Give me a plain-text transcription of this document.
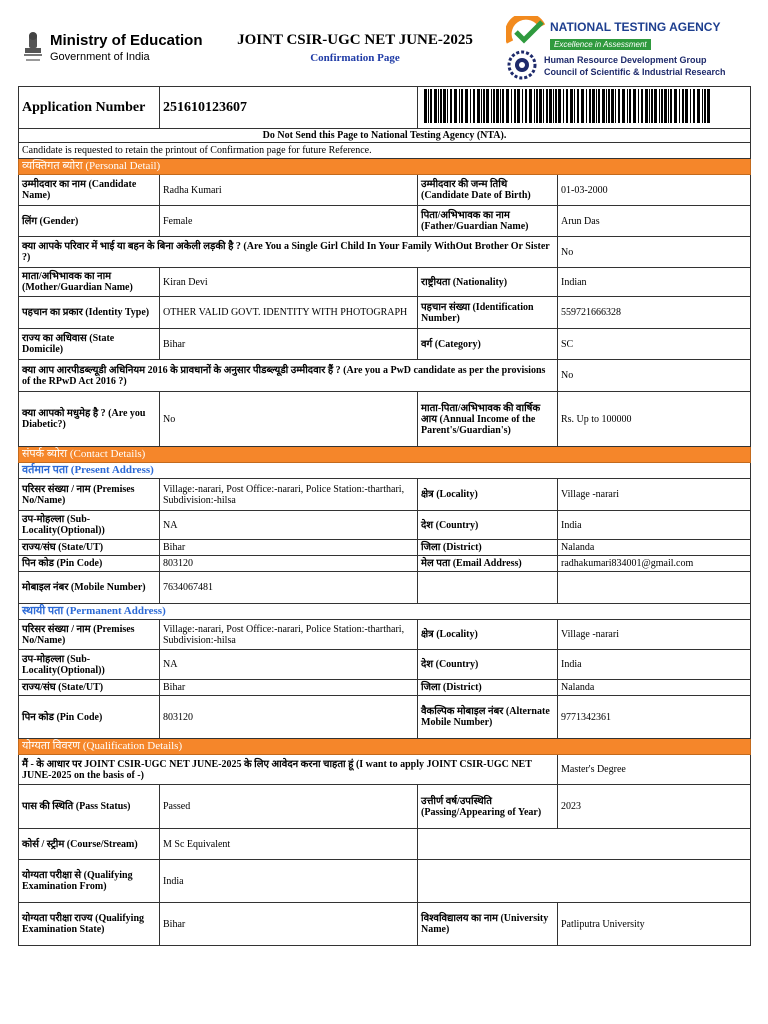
Ministry of Education
Government of India
JOINT CSIR-UGC NET JUNE-2025
Confirmation Page
NATIONAL TESTING AGENCY
Excellence in Assessment
Human Resource Development Group
Council of Scientific & Industrial Research
Application Number	251610123607	
Do Not Send this Page to National Testing Agency (NTA).			
Candidate is requested to retain the printout of Confirmation page for future Reference.			
व्यक्तिगत ब्योरा (Personal Detail)			
उम्मीदवार का नाम (Candidate Name)	Radha Kumari	उम्मीदवार की जन्म तिथि (Candidate Date of Birth)	01-03-2000
लिंग (Gender)	Female	पिता/अभिभावक का नाम (Father/Guardian Name)	Arun Das
क्या आपके परिवार में भाई या बहन के बिना अकेली लड़की है ? (Are You a Single Girl Child In Your Family WithOut Brother Or Sister ?)			No
माता/अभिभावक का नाम (Mother/Guardian Name)	Kiran Devi	राष्ट्रीयता (Nationality)	Indian
पहचान का प्रकार (Identity Type)	OTHER VALID GOVT. IDENTITY WITH PHOTOGRAPH	पहचान संख्या (Identification Number)	559721666328
राज्य का अधिवास (State Domicile)	Bihar	वर्ग (Category)	SC
क्या आप आरपीडब्ल्यूडी अधिनियम 2016 के प्रावधानों के अनुसार पीडब्ल्यूडी उम्मीदवार हैं ? (Are you a PwD candidate as per the provisions of the RPwD Act 2016 ?)			No
क्या आपको मधुमेह है ? (Are you Diabetic?)	No	माता-पिता/अभिभावक की वार्षिक आय (Annual Income of the Parent's/Guardian's)	Rs. Up to 100000
संपर्क ब्योरा (Contact Details)			
वर्तमान पता (Present Address)			
परिसर संख्या / नाम (Premises No/Name)	Village:-narari, Post Office:-narari, Police Station:-tharthari, Subdivision:-hilsa	क्षेत्र (Locality)	Village -narari
उप-मोहल्ला (Sub-Locality(Optional))	NA	देश (Country)	India
राज्य/संघ (State/UT)	Bihar	जिला (District)	Nalanda
पिन कोड (Pin Code)	803120	मेल पता (Email Address)	radhakumari834001@gmail.com
मोबाइल नंबर (Mobile Number)	7634067481		
स्थायी पता (Permanent Address)			
परिसर संख्या / नाम (Premises No/Name)	Village:-narari, Post Office:-narari, Police Station:-tharthari, Subdivision:-hilsa	क्षेत्र (Locality)	Village -narari
उप-मोहल्ला (Sub-Locality(Optional))	NA	देश (Country)	India
राज्य/संघ (State/UT)	Bihar	जिला (District)	Nalanda
पिन कोड (Pin Code)	803120	वैकल्पिक मोबाइल नंबर (Alternate Mobile Number)	9771342361
योग्यता विवरण (Qualification Details)			
मैं - के आधार पर JOINT CSIR-UGC NET JUNE-2025 के लिए आवेदन करना चाहता हूं (I want to apply JOINT CSIR-UGC NET JUNE-2025 on the basis of -)			Master's Degree
पास की स्थिति (Pass Status)	Passed	उत्तीर्ण वर्ष/उपस्थिति (Passing/Appearing of Year)	2023
कोर्स / स्ट्रीम (Course/Stream)	M Sc Equivalent		
योग्यता परीक्षा से (Qualifying Examination From)	India		
योग्यता परीक्षा राज्य (Qualifying Examination State)	Bihar	विश्वविद्यालय का नाम (University Name)	Patliputra University
